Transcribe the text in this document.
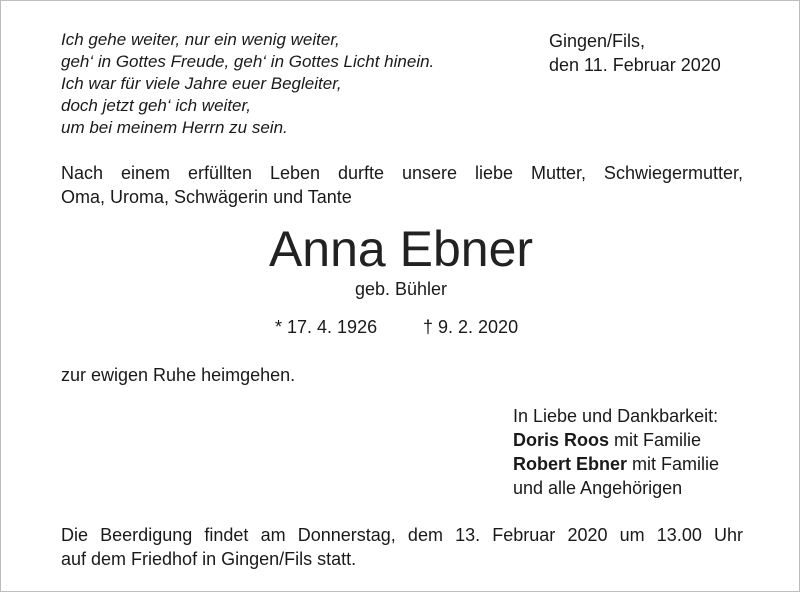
Ich gehe weiter, nur ein wenig weiter,
geh‘ in Gottes Freude, geh‘ in Gottes Licht hinein.
Ich war für viele Jahre euer Begleiter,
doch jetzt geh‘ ich weiter,
um bei meinem Herrn zu sein.
Gingen/Fils,
den 11. Februar 2020
Nach einem erfüllten Leben durfte unsere liebe Mutter, Schwiegermutter,
Oma, Uroma, Schwägerin und Tante
Anna Ebner
geb. Bühler
* 17. 4. 1926	† 9. 2. 2020
zur ewigen Ruhe heimgehen.
In Liebe und Dankbarkeit:
Doris Roos mit Familie
Robert Ebner mit Familie
und alle Angehörigen
Die Beerdigung findet am Donnerstag, dem 13. Februar 2020 um 13.00 Uhr
auf dem Friedhof in Gingen/Fils statt.
